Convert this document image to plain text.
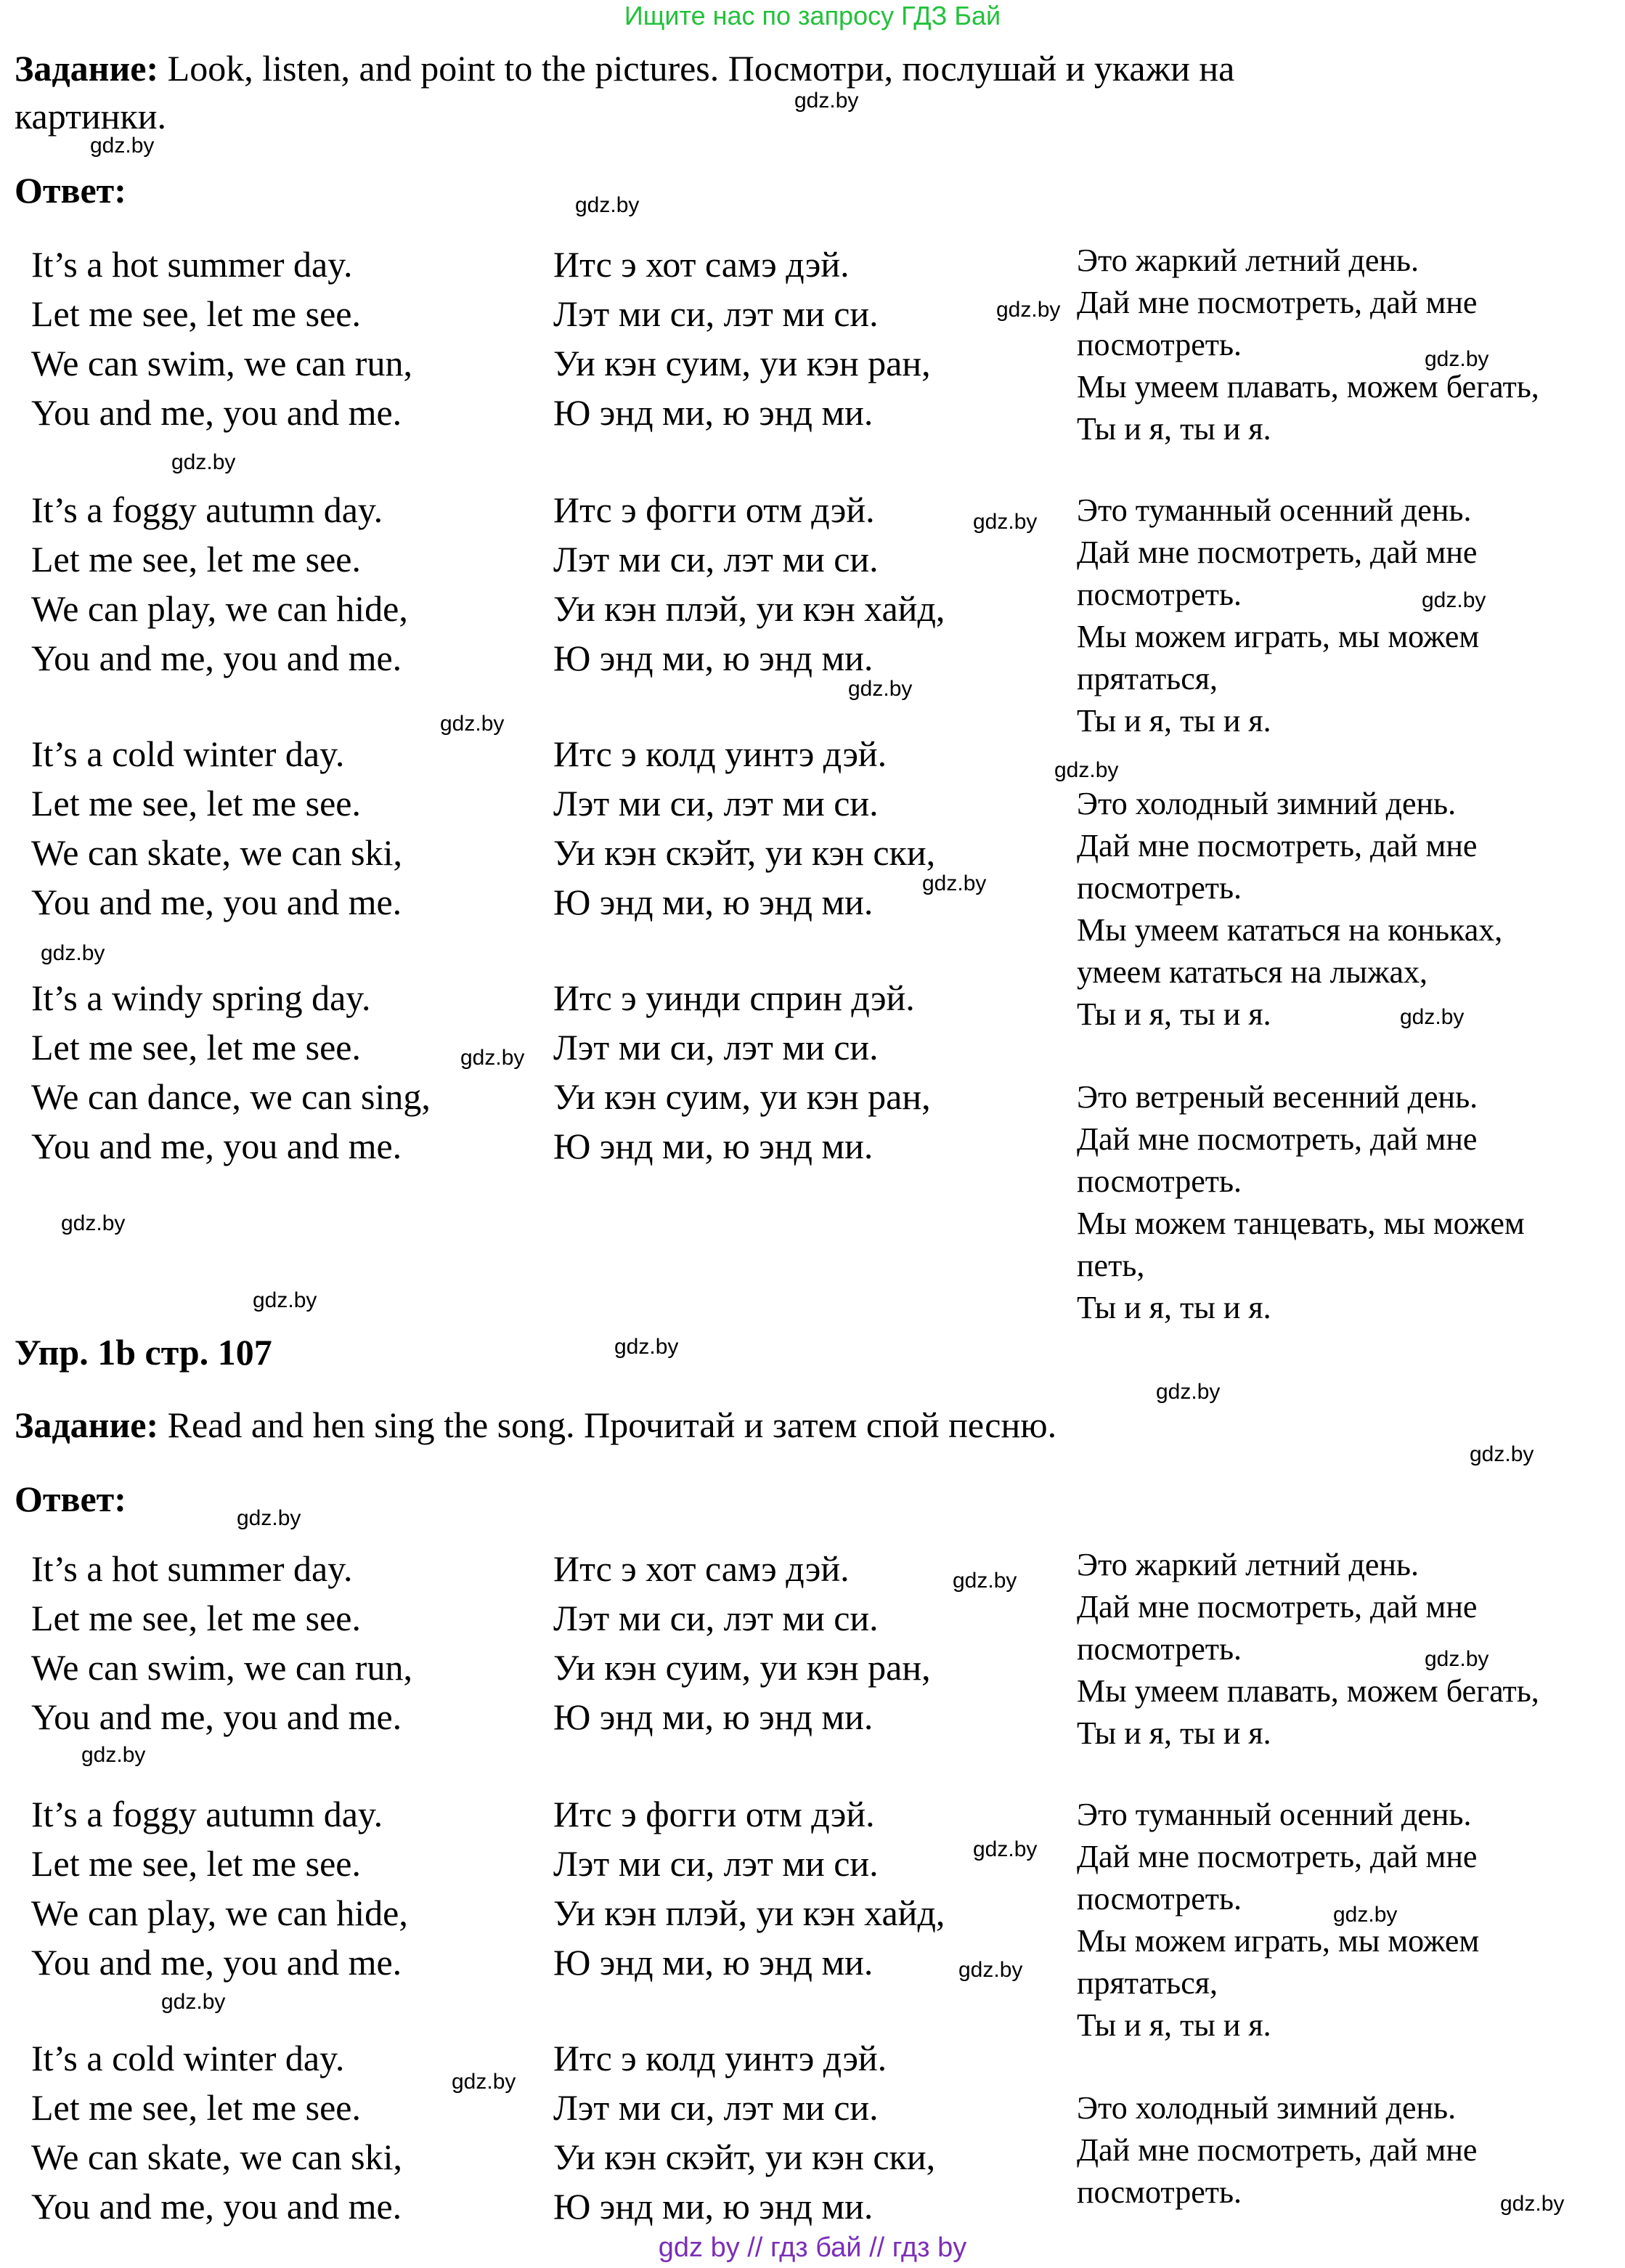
Ищите нас по запросу ГДЗ Бай
Задание: Look, listen, and point to the pictures. Посмотри, послушай и укажи на
картинки.
Ответ:
It’s a hot summer day.
Let me see, let me see.
We can swim, we can run,
You and me, you and me.
Итс э хот самэ дэй.
Лэт ми си, лэт ми си.
Уи кэн суим, уи кэн ран,
Ю энд ми, ю энд ми.
Это жаркий летний день.
Дай мне посмотреть, дай мне
посмотреть.
Мы умеем плавать, можем бегать,
Ты и я, ты и я.
It’s a foggy autumn day.
Let me see, let me see.
We can play, we can hide,
You and me, you and me.
Итс э фогги отм дэй.
Лэт ми си, лэт ми си.
Уи кэн плэй, уи кэн хайд,
Ю энд ми, ю энд ми.
Это туманный осенний день.
Дай мне посмотреть, дай мне
посмотреть.
Мы можем играть, мы можем
прятаться,
Ты и я, ты и я.
It’s a cold winter day.
Let me see, let me see.
We can skate, we can ski,
You and me, you and me.
Итс э колд уинтэ дэй.
Лэт ми си, лэт ми си.
Уи кэн скэйт, уи кэн ски,
Ю энд ми, ю энд ми.
Это холодный зимний день.
Дай мне посмотреть, дай мне
посмотреть.
Мы умеем кататься на коньках,
умеем кататься на лыжах,
Ты и я, ты и я.
It’s a windy spring day.
Let me see, let me see.
We can dance, we can sing,
You and me, you and me.
Итс э уинди сприн дэй.
Лэт ми си, лэт ми си.
Уи кэн суим, уи кэн ран,
Ю энд ми, ю энд ми.
Это ветреный весенний день.
Дай мне посмотреть, дай мне
посмотреть.
Мы можем танцевать, мы можем
петь,
Ты и я, ты и я.
Упр. 1b стр. 107
Задание: Read and hen sing the song. Прочитай и затем спой песню.
Ответ:
It’s a hot summer day.
Let me see, let me see.
We can swim, we can run,
You and me, you and me.
Итс э хот самэ дэй.
Лэт ми си, лэт ми си.
Уи кэн суим, уи кэн ран,
Ю энд ми, ю энд ми.
Это жаркий летний день.
Дай мне посмотреть, дай мне
посмотреть.
Мы умеем плавать, можем бегать,
Ты и я, ты и я.
It’s a foggy autumn day.
Let me see, let me see.
We can play, we can hide,
You and me, you and me.
Итс э фогги отм дэй.
Лэт ми си, лэт ми си.
Уи кэн плэй, уи кэн хайд,
Ю энд ми, ю энд ми.
Это туманный осенний день.
Дай мне посмотреть, дай мне
посмотреть.
Мы можем играть, мы можем
прятаться,
Ты и я, ты и я.
It’s a cold winter day.
Let me see, let me see.
We can skate, we can ski,
You and me, you and me.
Итс э колд уинтэ дэй.
Лэт ми си, лэт ми си.
Уи кэн скэйт, уи кэн ски,
Ю энд ми, ю энд ми.
Это холодный зимний день.
Дай мне посмотреть, дай мне
посмотреть.
gdz.by
gdz.by
gdz.by
gdz.by
gdz.by
gdz.by
gdz.by
gdz.by
gdz.by
gdz.by
gdz.by
gdz.by
gdz.by
gdz.by
gdz.by
gdz.by
gdz.by
gdz.by
gdz.by
gdz.by
gdz.by
gdz.by
gdz.by
gdz.by
gdz.by
gdz.by
gdz.by
gdz.by
gdz.by
gdz.by
gdz by // гдз бай // гдз by
